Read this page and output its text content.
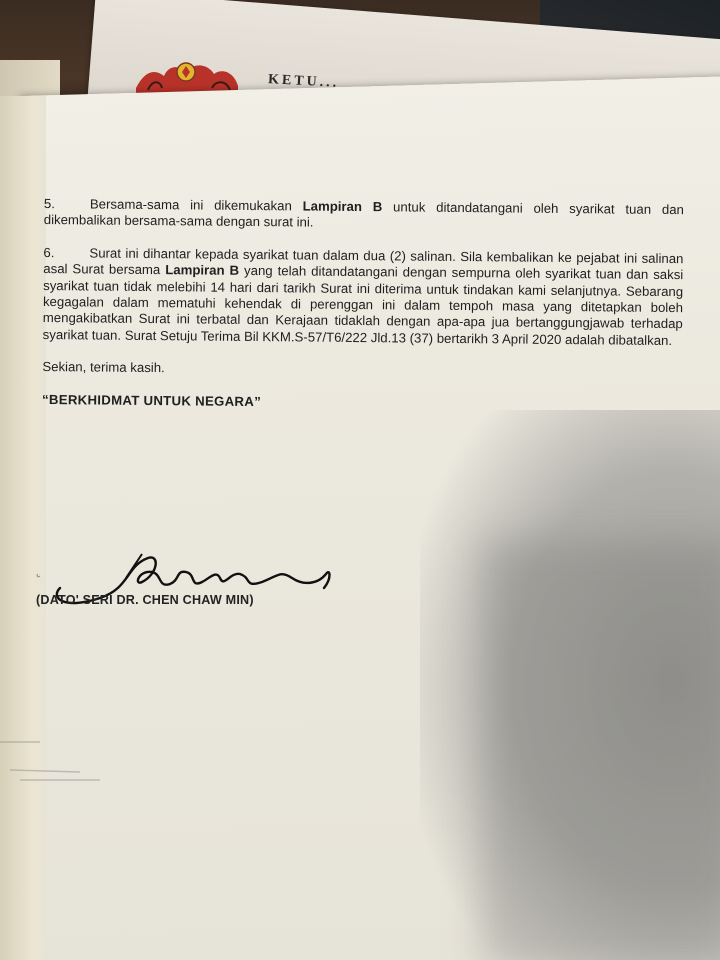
KETU...

5.	Bersama-sama ini dikemukakan Lampiran B untuk ditandatangani oleh syarikat tuan dan dikembalikan bersama-sama dengan surat ini.

6.	Surat ini dihantar kepada syarikat tuan dalam dua (2) salinan. Sila kembalikan ke pejabat ini salinan asal Surat bersama Lampiran B yang telah ditandatangani dengan sempurna oleh syarikat tuan dan saksi syarikat tuan tidak melebihi 14 hari dari tarikh Surat ini diterima untuk tindakan kami selanjutnya. Sebarang kegagalan dalam mematuhi kehendak di perenggan ini dalam tempoh masa yang ditetapkan boleh mengakibatkan Surat ini terbatal dan Kerajaan tidaklah dengan apa-apa jua bertanggungjawab terhadap syarikat tuan. Surat Setuju Terima Bil KKM.S-57/T6/222 Jld.13 (37) bertarikh 3 April 2020 adalah dibatalkan.

Sekian, terima kasih.

“BERKHIDMAT UNTUK NEGARA”

(DATO' SERI DR. CHEN CHAW MIN)
